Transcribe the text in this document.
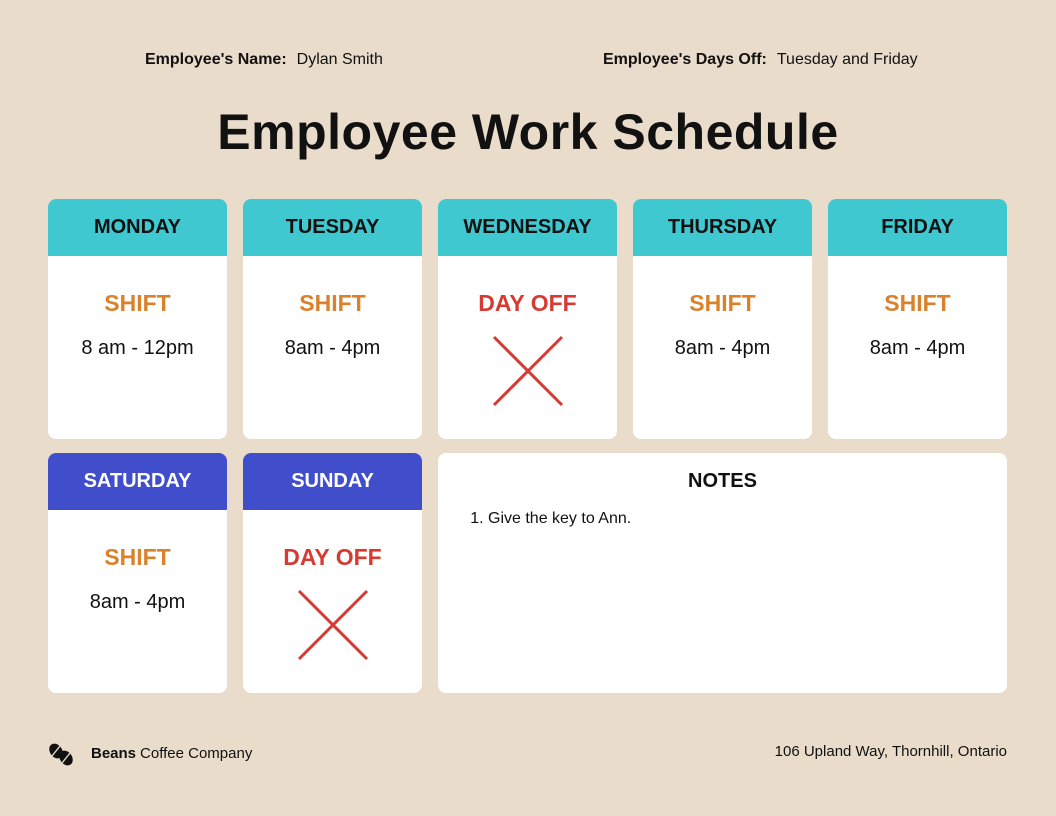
Employee's Name: Dylan Smith	Employee's Days Off: Tuesday and Friday
Employee Work Schedule
MONDAY
SHIFT
8 am - 12pm
TUESDAY
SHIFT
8am - 4pm
WEDNESDAY
DAY OFF
THURSDAY
SHIFT
8am - 4pm
FRIDAY
SHIFT
8am - 4pm
SATURDAY
SHIFT
8am - 4pm
SUNDAY
DAY OFF
NOTES
1. Give the key to Ann.
Beans Coffee Company	106 Upland Way, Thornhill, Ontario
